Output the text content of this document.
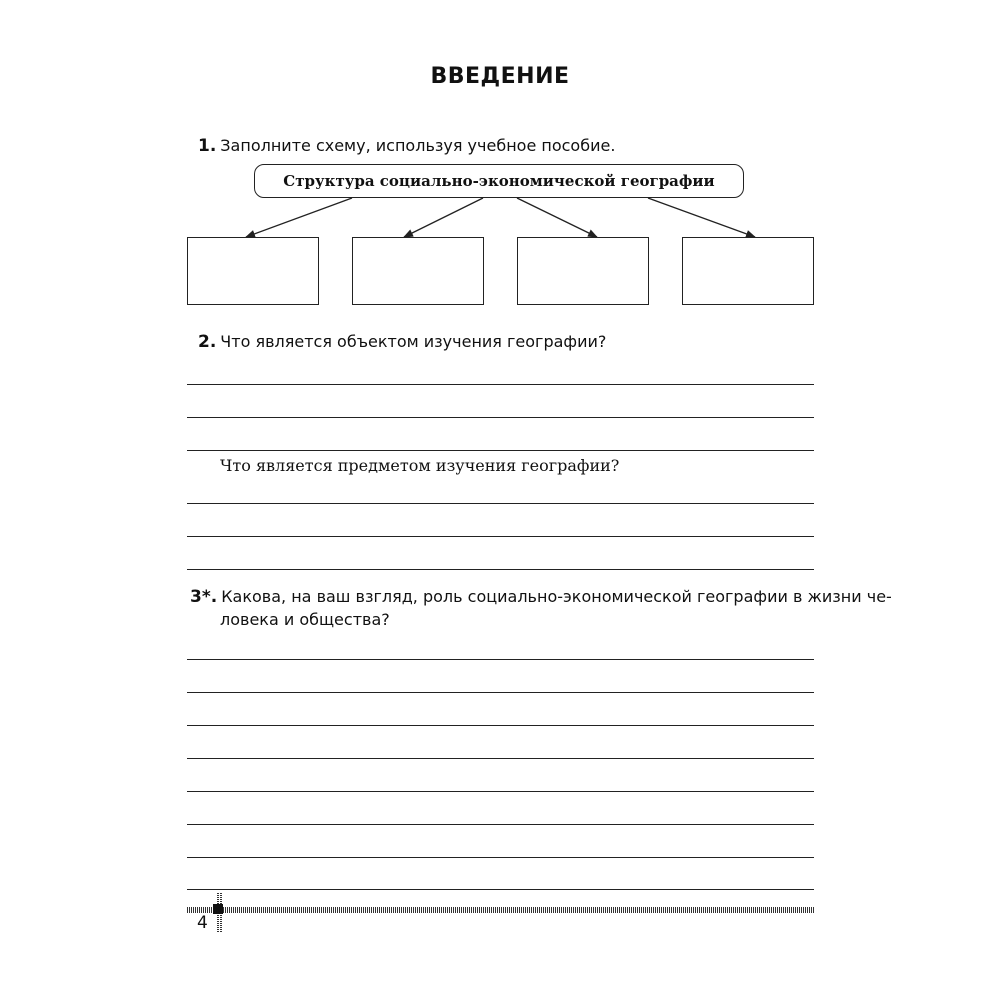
ВВЕДЕНИЕ
1. Заполните схему, используя учебное пособие.
Структура социально-экономической географии
2. Что является объектом изучения географии?
Что является предметом изучения географии?
3*. Какова, на ваш взгляд, роль социально-экономической географии в жизни че-
ловека и общества?
4
